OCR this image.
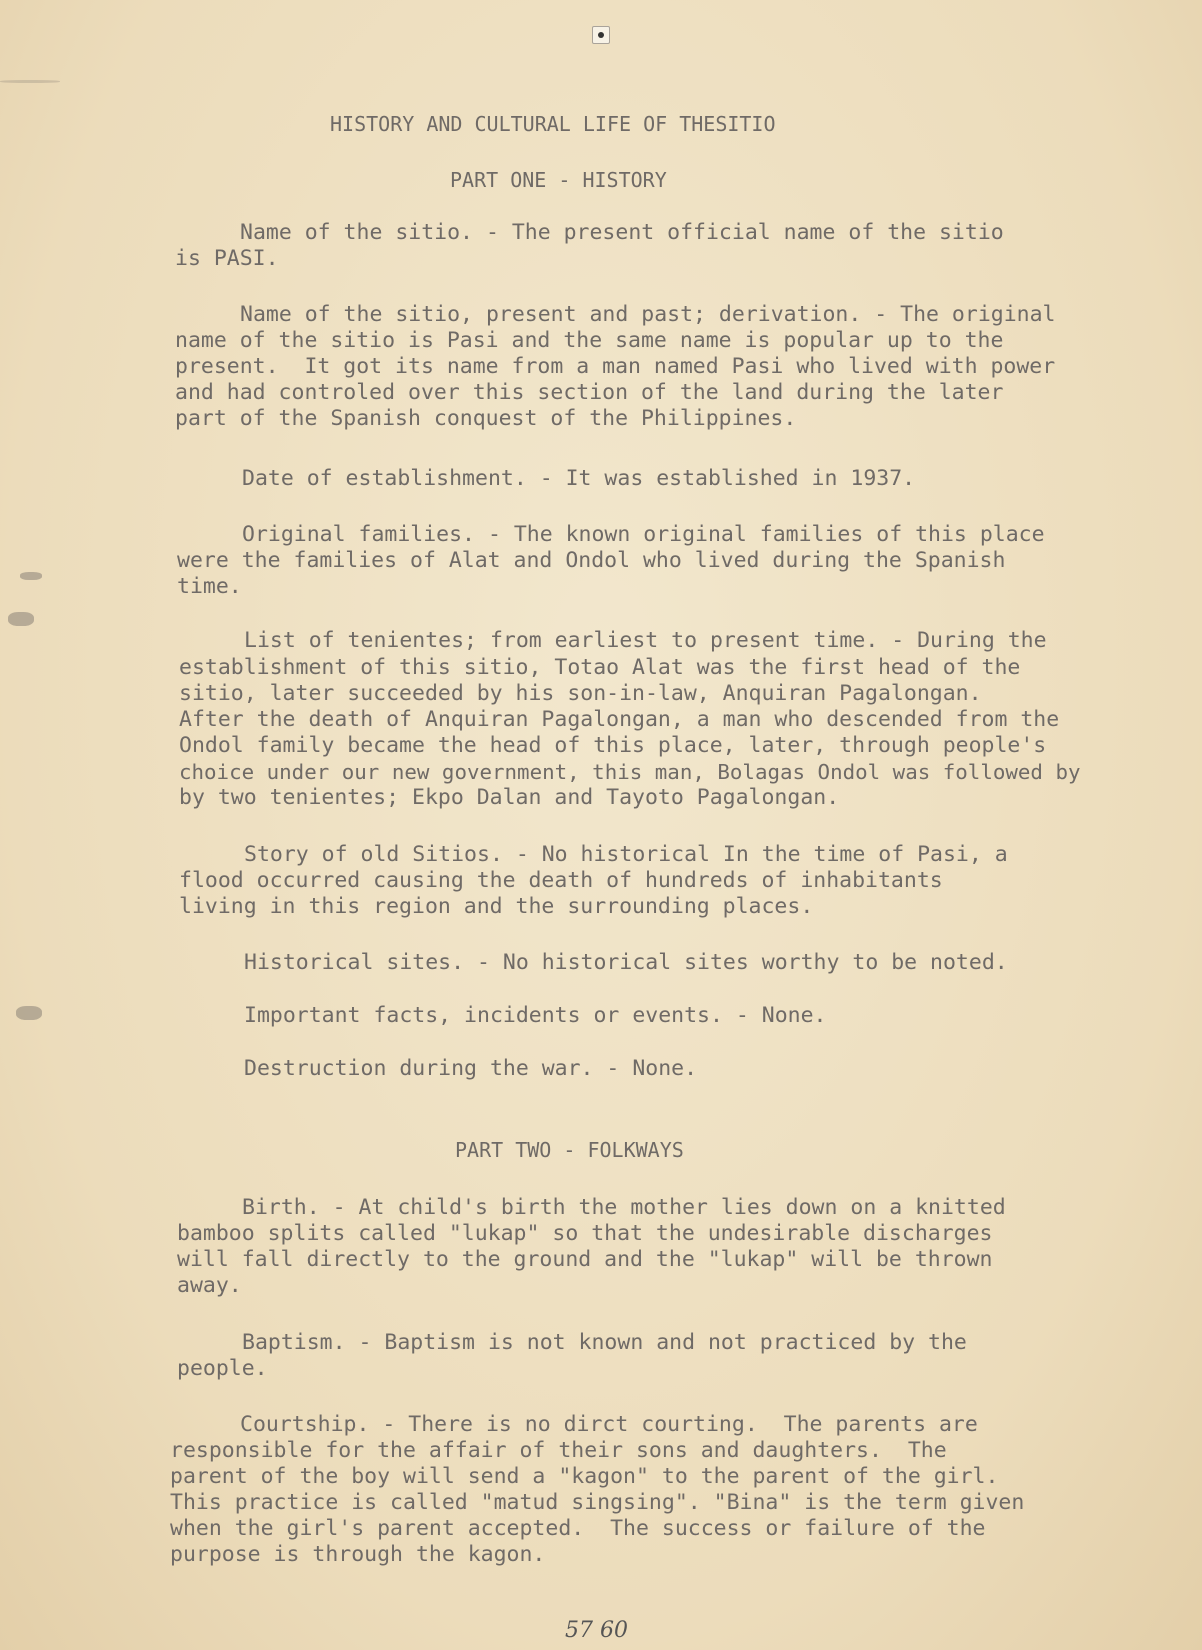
HISTORY AND CULTURAL LIFE OF THESITIO
PART ONE - HISTORY
Name of the sitio. - The present official name of the sitio
is PASI.
Name of the sitio, present and past; derivation. - The original
name of the sitio is Pasi and the same name is popular up to the
present.  It got its name from a man named Pasi who lived with power
and had controled over this section of the land during the later
part of the Spanish conquest of the Philippines.
Date of establishment. - It was established in 1937.
Original families. - The known original families of this place
were the families of Alat and Ondol who lived during the Spanish
time.
List of tenientes; from earliest to present time. - During the
establishment of this sitio, Totao Alat was the first head of the
sitio, later succeeded by his son-in-law, Anquiran Pagalongan.
After the death of Anquiran Pagalongan, a man who descended from the
Ondol family became the head of this place, later, through people's
choice under our new government, this man, Bolagas Ondol was followed by
by two tenientes; Ekpo Dalan and Tayoto Pagalongan.
Story of old Sitios. - No historical In the time of Pasi, a
flood occurred causing the death of hundreds of inhabitants
living in this region and the surrounding places.
Historical sites. - No historical sites worthy to be noted.
Important facts, incidents or events. - None.
Destruction during the war. - None.
PART TWO - FOLKWAYS
Birth. - At child's birth the mother lies down on a knitted
bamboo splits called "lukap" so that the undesirable discharges
will fall directly to the ground and the "lukap" will be thrown
away.
Baptism. - Baptism is not known and not practiced by the
people.
Courtship. - There is no dirct courting.  The parents are
responsible for the affair of their sons and daughters.  The
parent of the boy will send a "kagon" to the parent of the girl.
This practice is called "matud singsing". "Bina" is the term given
when the girl's parent accepted.  The success or failure of the
purpose is through the kagon.
57 60
